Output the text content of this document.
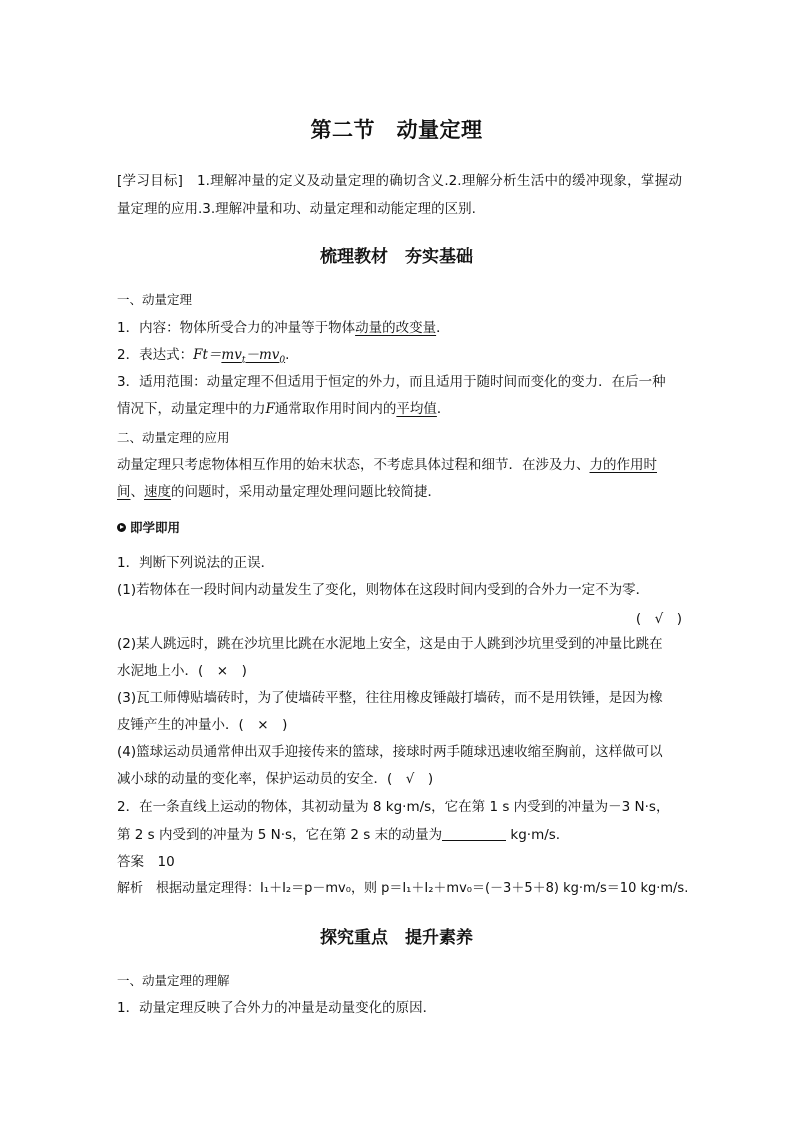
第二节　动量定理
[学习目标]　1.理解冲量的定义及动量定理的确切含义.2.理解分析生活中的缓冲现象，掌握动量定理的应用.3.理解冲量和功、动量定理和动能定理的区别.
梳理教材　夯实基础
一、动量定理
1．内容：物体所受合力的冲量等于物体动量的改变量．
2．表达式：$Ft=mv_t-mv_0$.
3．适用范围：动量定理不但适用于恒定的外力，而且适用于随时间而变化的变力．在后一种
情况下，动量定理中的力F通常取作用时间内的平均值．
二、动量定理的应用
动量定理只考虑物体相互作用的始末状态，不考虑具体过程和细节．在涉及力、力的作用时
间、速度的问题时，采用动量定理处理问题比较简捷．
即学即用
1．判断下列说法的正误．
(1)若物体在一段时间内动量发生了变化，则物体在这段时间内受到的合外力一定不为零．
(　√　)
(2)某人跳远时，跳在沙坑里比跳在水泥地上安全，这是由于人跳到沙坑里受到的冲量比跳在
水泥地上小．(　×　)
(3)瓦工师傅贴墙砖时，为了使墙砖平整，往往用橡皮锤敲打墙砖，而不是用铁锤，是因为橡
皮锤产生的冲量小．(　×　)
(4)篮球运动员通常伸出双手迎接传来的篮球，接球时两手随球迅速收缩至胸前，这样做可以
减小球的动量的变化率，保护运动员的安全．(　√　)
2．在一条直线上运动的物体，其初动量为 8 kg·m/s，它在第 1 s 内受到的冲量为－3 N·s，
第 2 s 内受到的冲量为 5 N·s，它在第 2 s 末的动量为	kg·m/s.
答案　 10
解析　 根据动量定理得：I₁＋I₂＝p－mv₀，则 p＝I₁＋I₂＋mv₀＝(－3＋5＋8) kg·m/s＝10 kg·m/s.
探究重点　提升素养
一、动量定理的理解
1．动量定理反映了合外力的冲量是动量变化的原因．
